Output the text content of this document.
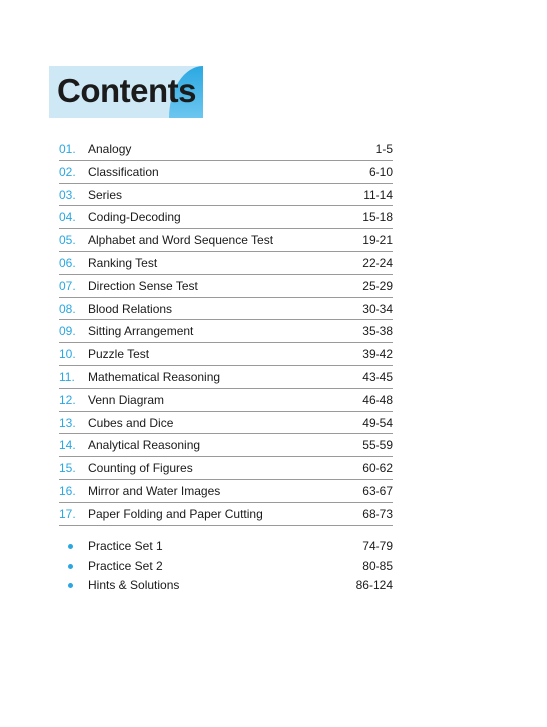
Contents
01. Analogy	1-5
02. Classification	6-10
03. Series	11-14
04. Coding-Decoding	15-18
05. Alphabet and Word Sequence Test	19-21
06. Ranking Test	22-24
07. Direction Sense Test	25-29
08. Blood Relations	30-34
09. Sitting Arrangement	35-38
10. Puzzle Test	39-42
11. Mathematical Reasoning	43-45
12. Venn Diagram	46-48
13. Cubes and Dice	49-54
14. Analytical Reasoning	55-59
15. Counting of Figures	60-62
16. Mirror and Water Images	63-67
17. Paper Folding and Paper Cutting	68-73
Practice Set 1	74-79
Practice Set 2	80-85
Hints & Solutions	86-124
